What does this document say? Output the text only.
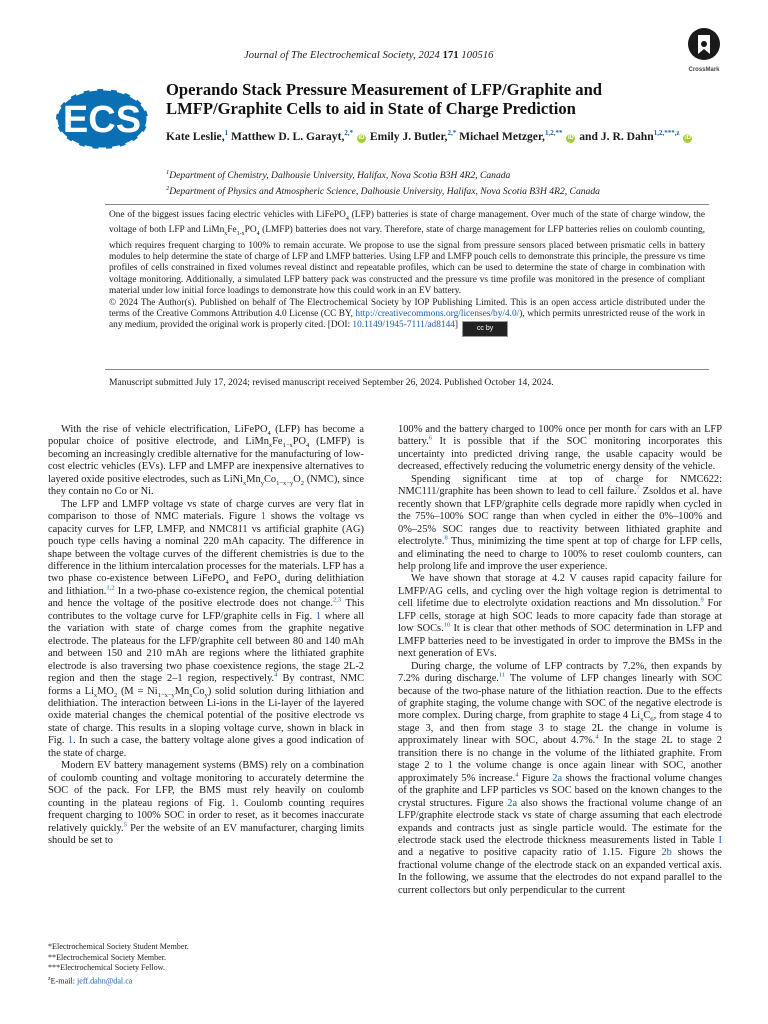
Journal of The Electrochemical Society, 2024 171 100516
CrossMark
ECS
Operando Stack Pressure Measurement of LFP/Graphite and LMFP/Graphite Cells to aid in State of Charge Prediction
Kate Leslie,$^1$ Matthew D. L. Garayt,$^{2,*}$ iD Emily J. Butler,$^{2,*}$ Michael Metzger,$^{1,2,**}$ iD and J. R. Dahn$^{1,2,***,z}$ iD
$^1$Department of Chemistry, Dalhousie University, Halifax, Nova Scotia B3H 4R2, Canada
$^2$Department of Physics and Atmospheric Science, Dalhousie University, Halifax, Nova Scotia B3H 4R2, Canada

One of the biggest issues facing electric vehicles with LiFePO$_4$ (LFP) batteries is state of charge management. Over much of the state of charge window, the voltage of both LFP and $LiMn_xFe_{1-x}PO_4$ (LMFP) batteries does not vary. Therefore, state of charge management for LFP batteries relies on coulomb counting, which requires frequent charging to 100% to remain accurate. We propose to use the signal from pressure sensors placed between prismatic cells in battery modules to help determine the state of charge of LFP and LMFP batteries. Using LFP and LMFP pouch cells to demonstrate this principle, the pressure vs time profiles of cells constrained in fixed volumes reveal distinct and repeatable profiles, which can be used to determine the state of charge in combination with voltage monitoring. Additionally, a simulated LFP battery pack was constructed and the pressure vs time profile was monitored in the presence of compliant material under low initial force loadings to demonstrate how this could work in an EV battery.

© 2024 The Author(s). Published on behalf of The Electrochemical Society by IOP Publishing Limited. This is an open access article distributed under the terms of the Creative Commons Attribution 4.0 License (CC BY, http://creativecommons.org/licenses/by/4.0/), which permits unrestricted reuse of the work in any medium, provided the original work is properly cited. [DOI: 10.1149/1945-7111/ad8144]	cc by

Manuscript submitted July 17, 2024; revised manuscript received September 26, 2024. Published October 14, 2024.

With the rise of vehicle electrification, LiFePO$_4$ (LFP) has become a popular choice of positive electrode, and $LiMn_xFe_{1-x}PO_4$ (LMFP) is becoming an increasingly credible alternative for the manufacturing of low-cost electric vehicles (EVs). LFP and LMFP are inexpensive alternatives to layered oxide positive electrodes, such as $LiNi_xMn_yCo_{1-x-y}O_2$ (NMC), since they contain no Co or Ni.

The LFP and LMFP voltage vs state of charge curves are very flat in comparison to those of NMC materials. Figure 1 shows the voltage vs capacity curves for LFP, LMFP, and NMC811 vs artificial graphite (AG) pouch type cells having a nominal 220 mAh capacity. The difference in shape between the voltage curves of the different chemistries is due to the difference in the lithium intercalation processes for the materials. LFP has a two phase co-existence between LiFePO$_4$ and FePO$_4$ during delithiation and lithiation.$^{1,2}$ In a two-phase co-existence region, the chemical potential and hence the voltage of the positive electrode does not change.$^{2,3}$ This contributes to the voltage curve for LFP/graphite cells in Fig. 1 where all the variation with state of charge comes from the graphite negative electrode. The plateaus for the LFP/graphite cell between 80 and 140 mAh and between 150 and 210 mAh are regions where the lithiated graphite electrode is also traversing two phase coexistence regions, the stage 2L-2 region and then the stage 2–1 region, respectively.$^4$ By contrast, NMC forms a $Li_xMO_2$ $(M = Ni_{1-x-y}Mn_xCo_y)$ solid solution during lithiation and delithiation. The interaction between Li-ions in the Li-layer of the layered oxide material changes the chemical potential of the positive electrode vs state of charge. This results in a sloping voltage curve, shown in black in Fig. 1. In such a case, the battery voltage alone gives a good indication of the state of charge.

Modern EV battery management systems (BMS) rely on a combination of coulomb counting and voltage monitoring to accurately determine the SOC of the pack. For LFP, the BMS must rely heavily on coulomb counting in the plateau regions of Fig. 1. Coulomb counting requires frequent charging to 100% SOC in order to reset, as it becomes inaccurate relatively quickly.$^5$ Per the website of an EV manufacturer, charging limits should be set to

100% and the battery charged to 100% once per month for cars with an LFP battery.$^6$ It is possible that if the SOC monitoring incorporates this uncertainty into predicted driving range, the usable capacity would be decreased, effectively reducing the volumetric energy density of the vehicle.

Spending significant time at top of charge for NMC622: NMC111/graphite has been shown to lead to cell failure.$^7$ Zsoldos et al. have recently shown that LFP/graphite cells degrade more rapidly when cycled in the 75%–100% SOC range than when cycled in either the 0%–100% and 0%–25% SOC ranges due to reactivity between lithiated graphite and electrolyte.$^8$ Thus, minimizing the time spent at top of charge for LFP cells, and eliminating the need to charge to 100% to reset coulomb counters, can help prolong life and improve the user experience.

We have shown that storage at 4.2 V causes rapid capacity failure for LMFP/AG cells, and cycling over the high voltage region is detrimental to cell lifetime due to electrolyte oxidation reactions and Mn dissolution.$^9$ For LFP cells, storage at high SOC leads to more capacity fade than storage at low SOCs.$^{10}$ It is clear that other methods of SOC determination in LFP and LMFP batteries need to be investigated in order to improve the BMSs in the next generation of EVs.

During charge, the volume of LFP contracts by 7.2%, then expands by 7.2% during discharge.$^{11}$ The volume of LFP changes linearly with SOC because of the two-phase nature of the lithiation reaction. Due to the effects of graphite staging, the volume change with SOC of the negative electrode is more complex. During charge, from graphite to stage 4 $Li_xC_6$, from stage 4 to stage 3, and then from stage 3 to stage 2L the change in volume is approximately linear with SOC, about 4.7%.$^4$ In the stage 2L to stage 2 transition there is no change in the volume of the lithiated graphite. From stage 2 to 1 the volume change is once again linear with SOC, another approximately 5% increase.$^4$ Figure 2a shows the fractional volume changes of the graphite and LFP particles vs SOC based on the known changes to the crystal structures. Figure 2a also shows the fractional volume change of an LFP/graphite electrode stack vs state of charge assuming that each electrode expands and contracts just as single particle would. The estimate for the electrode stack used the electrode thickness measurements listed in Table I and a negative to positive capacity ratio of 1.15. Figure 2b shows the fractional volume change of the electrode stack on an expanded vertical axis. In the following, we assume that the electrodes do not expand parallel to the current collectors but only perpendicular to the current

*Electrochemical Society Student Member.
**Electrochemical Society Member.
***Electrochemical Society Fellow.
$^z$E-mail: jeff.dahn@dal.ca
